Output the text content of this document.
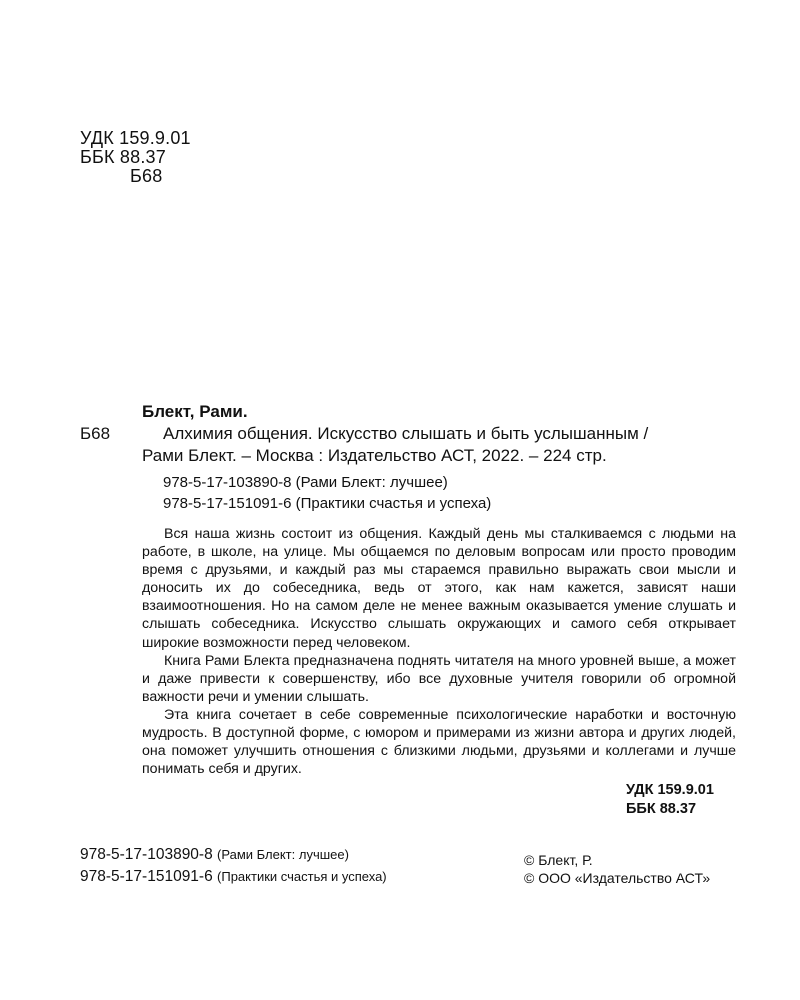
УДК 159.9.01
ББК 88.37
Б68
Блект, Рами.
Б68	Алхимия общения. Искусство слышать и быть услышанным /
Рами Блект. – Москва : Издательство АСТ, 2022. – 224 стр.
978-5-17-103890-8 (Рами Блект: лучшее)
978-5-17-151091-6 (Практики счастья и успеха)

Вся наша жизнь состоит из общения. Каждый день мы сталкиваемся с людьми на работе, в школе, на улице. Мы общаемся по деловым вопросам или просто проводим время с друзьями, и каждый раз мы стараемся правильно выражать свои мысли и доносить их до собеседника, ведь от этого, как нам кажется, зависят наши взаимоотношения. Но на самом деле не менее важным оказывается умение слушать и слышать собеседника. Искусство слышать окружающих и самого себя открывает широкие возможности перед человеком.

Книга Рами Блекта предназначена поднять читателя на много уровней выше, а может и даже привести к совершенству, ибо все духовные учителя говорили об огромной важности речи и умении слышать.

Эта книга сочетает в себе современные психологические наработки и восточную мудрость. В доступной форме, с юмором и примерами из жизни автора и других людей, она поможет улучшить отношения с близкими людьми, друзьями и коллегами и лучше понимать себя и других.

УДК 159.9.01
ББК 88.37
978-5-17-103890-8 (Рами Блект: лучшее)
978-5-17-151091-6 (Практики счастья и успеха)
© Блект, Р.
© ООО «Издательство АСТ»
